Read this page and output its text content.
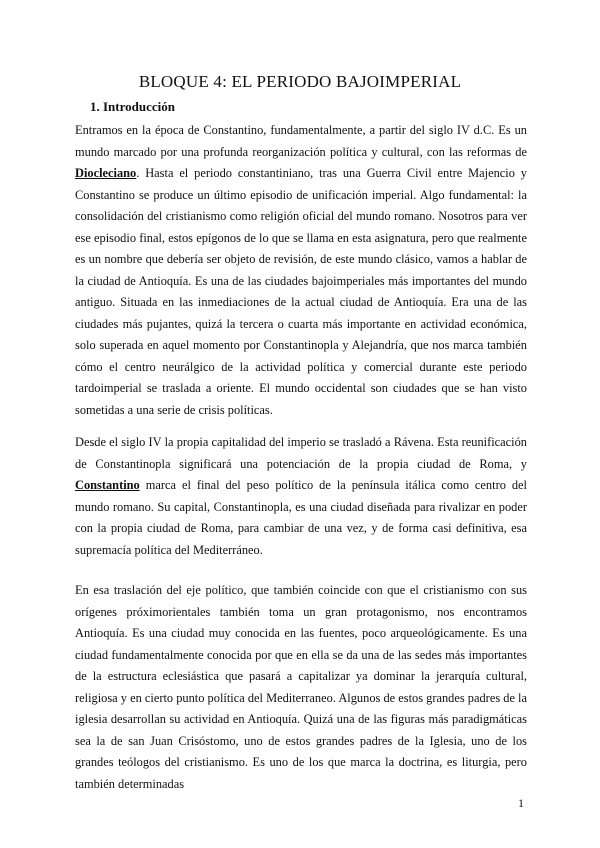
BLOQUE 4: EL PERIODO BAJOIMPERIAL
1. Introducción

Entramos en la época de Constantino, fundamentalmente, a partir del siglo IV d.C. Es un mundo marcado por una profunda reorganización política y cultural, con las reformas de Diocleciano. Hasta el periodo constantiniano, tras una Guerra Civil entre Majencio y Constantino se produce un último episodio de unificación imperial. Algo fundamental: la consolidación del cristianismo como religión oficial del mundo romano. Nosotros para ver ese episodio final, estos epígonos de lo que se llama en esta asignatura, pero que realmente es un nombre que debería ser objeto de revisión, de este mundo clásico, vamos a hablar de la ciudad de Antioquía. Es una de las ciudades bajoimperiales más importantes del mundo antiguo. Situada en las inmediaciones de la actual ciudad de Antioquía. Era una de las ciudades más pujantes, quizá la tercera o cuarta más importante en actividad económica, solo superada en aquel momento por Constantinopla y Alejandría, que nos marca también cómo el centro neurálgico de la actividad política y comercial durante este periodo tardoimperial se traslada a oriente. El mundo occidental son ciudades que se han visto sometidas a una serie de crisis políticas.

Desde el siglo IV la propia capitalidad del imperio se trasladó a Rávena. Esta reunificación de Constantinopla significará una potenciación de la propia ciudad de Roma, y Constantino marca el final del peso político de la península itálica como centro del mundo romano. Su capital, Constantinopla, es una ciudad diseñada para rivalizar en poder con la propia ciudad de Roma, para cambiar de una vez, y de forma casi definitiva, esa supremacía política del Mediterráneo.

En esa traslación del eje político, que también coincide con que el cristianismo con sus orígenes próximorientales también toma un gran protagonismo, nos encontramos Antioquía. Es una ciudad muy conocida en las fuentes, poco arqueológicamente. Es una ciudad fundamentalmente conocida por que en ella se da una de las sedes más importantes de la estructura eclesiástica que pasará a capitalizar ya dominar la jerarquía cultural, religiosa y en cierto punto política del Mediterraneo. Algunos de estos grandes padres de la iglesia desarrollan su actividad en Antioquía. Quizá una de las figuras más paradigmáticas sea la de san Juan Crisóstomo, uno de estos grandes padres de la Iglesia, uno de los grandes teólogos del cristianismo. Es uno de los que marca la doctrina, es liturgia, pero también determinadas

1
